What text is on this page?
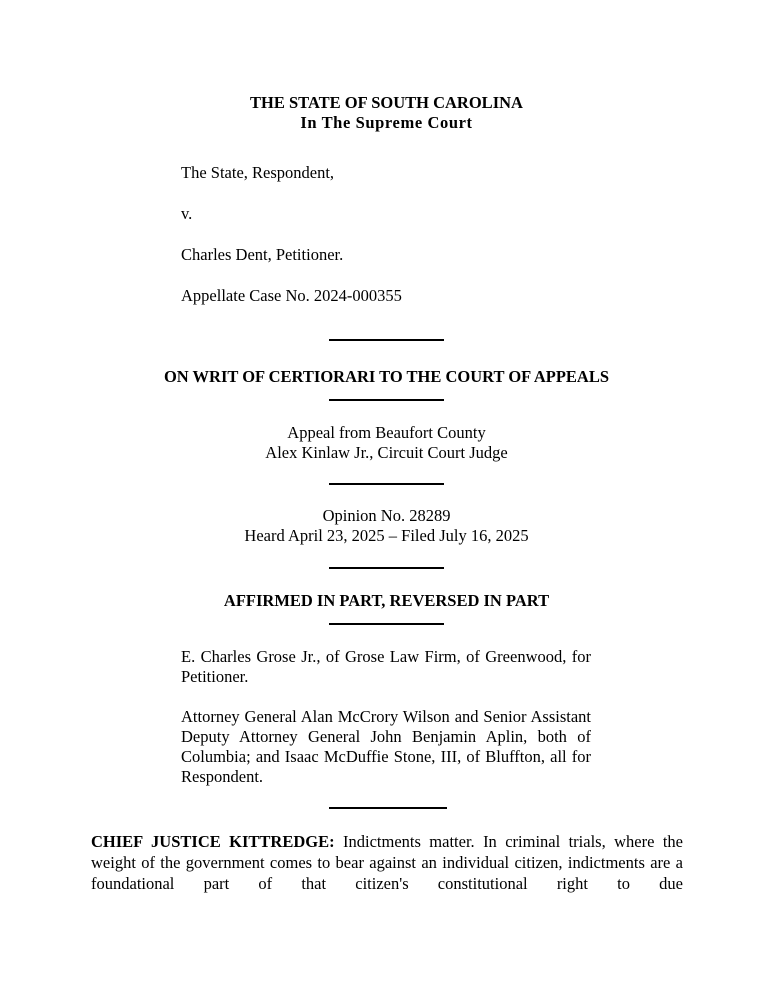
THE STATE OF SOUTH CAROLINA
In The Supreme Court
The State, Respondent,
v.
Charles Dent, Petitioner.
Appellate Case No. 2024-000355
ON WRIT OF CERTIORARI TO THE COURT OF APPEALS
Appeal from Beaufort County
Alex Kinlaw Jr., Circuit Court Judge
Opinion No. 28289
Heard April 23, 2025 – Filed July 16, 2025
AFFIRMED IN PART, REVERSED IN PART
E. Charles Grose Jr., of Grose Law Firm, of Greenwood, for Petitioner.
Attorney General Alan McCrory Wilson and Senior Assistant Deputy Attorney General John Benjamin Aplin, both of Columbia; and Isaac McDuffie Stone, III, of Bluffton, all for Respondent.
CHIEF JUSTICE KITTREDGE: Indictments matter. In criminal trials, where the weight of the government comes to bear against an individual citizen, indictments are a foundational part of that citizen's constitutional right to due
